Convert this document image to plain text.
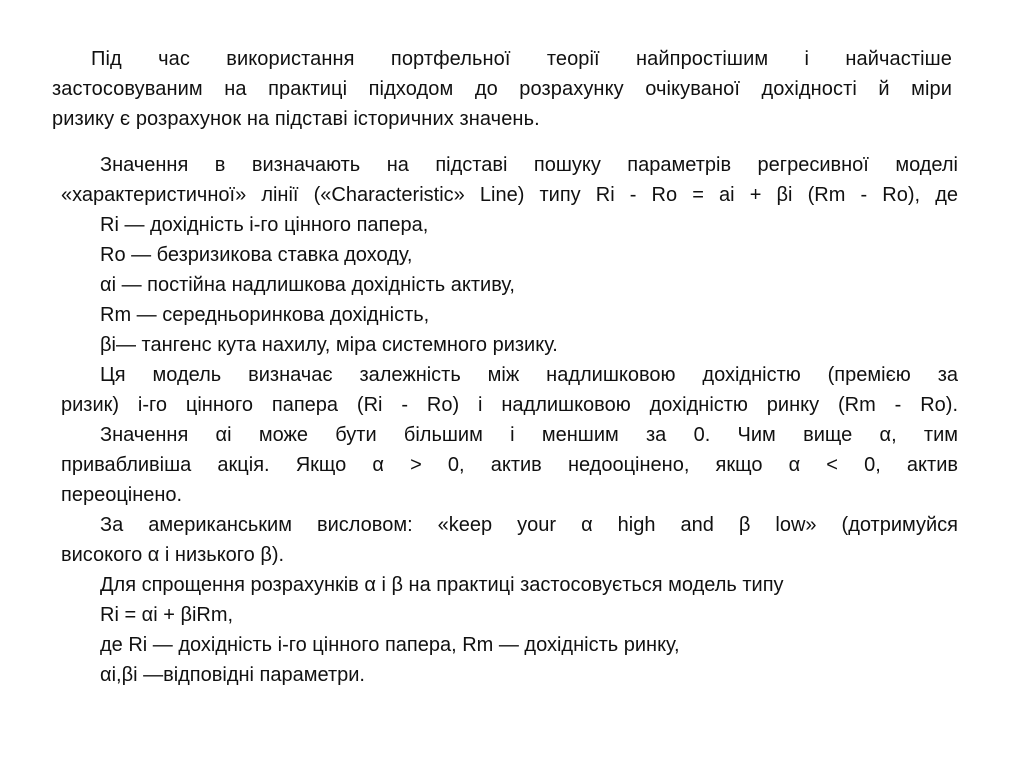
Під час використання портфельної теорії найпростішим і найчастіше
застосовуваним на практиці підходом до розрахунку очікуваної дохідності й міри
ризику є розрахунок на підставі історичних значень.
Значення в визначають на підставі пошуку параметрів регресивної моделі
«характеристичної» лінії («Characteristic» Line) типу Ri - Ro = ai + βi (Rm - Ro), де
Ri — дохідність і-го цінного папера,
Ro — безризикова ставка доходу,
αі — постійна надлишкова дохідність активу,
Rm — середньоринкова дохідність,
βі— тангенс кута нахилу, міра системного ризику.
Ця модель визначає залежність між надлишковою дохідністю (премією за
ризик) і-го цінного папера (Ri - Ro) і надлишковою дохідністю ринку (Rm - Ro).
Значення αі може бути більшим і меншим за 0. Чим вище α, тим
привабливіша акція. Якщо α > 0, актив недооцінено, якщо α < 0, актив
переоцінено.
За американським висловом: «keep your α high and β low» (дотримуйся
високого α і низького β).
Для спрощення розрахунків α і β на практиці застосовується модель типу
Ri = αі + βіRm,
де Ri — дохідність і-го цінного папера, Rm — дохідність ринку,
αі,βі —відповідні параметри.
